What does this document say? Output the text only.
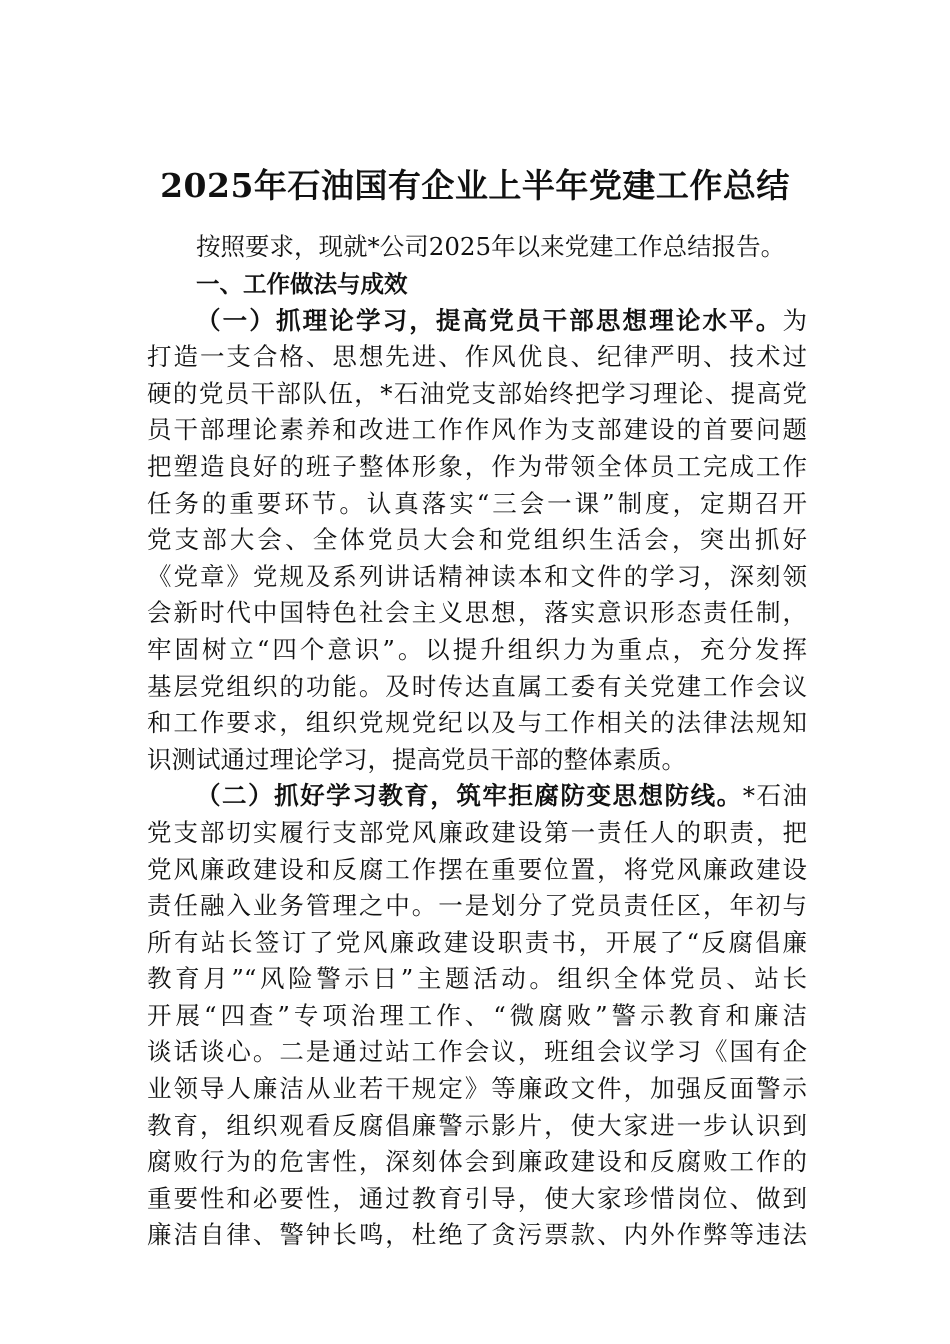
2025年石油国有企业上半年党建工作总结
按照要求，现就*公司2025年以来党建工作总结报告。
一、工作做法与成效
（一）抓理论学习，提高党员干部思想理论水平。为
打造一支合格、思想先进、作风优良、纪律严明、技术过
硬的党员干部队伍，*石油党支部始终把学习理论、提高党
员干部理论素养和改进工作作风作为支部建设的首要问题
把塑造良好的班子整体形象，作为带领全体员工完成工作
任务的重要环节。认真落实“三会一课”制度，定期召开
党支部大会、全体党员大会和党组织生活会，突出抓好
《党章》党规及系列讲话精神读本和文件的学习，深刻领
会新时代中国特色社会主义思想，落实意识形态责任制，
牢固树立“四个意识”。以提升组织力为重点，充分发挥
基层党组织的功能。及时传达直属工委有关党建工作会议
和工作要求，组织党规党纪以及与工作相关的法律法规知
识测试通过理论学习，提高党员干部的整体素质。
（二）抓好学习教育，筑牢拒腐防变思想防线。*石油
党支部切实履行支部党风廉政建设第一责任人的职责，把
党风廉政建设和反腐工作摆在重要位置，将党风廉政建设
责任融入业务管理之中。一是划分了党员责任区，年初与
所有站长签订了党风廉政建设职责书，开展了“反腐倡廉
教育月”“风险警示日”主题活动。组织全体党员、站长
开展“四查”专项治理工作、“微腐败”警示教育和廉洁
谈话谈心。二是通过站工作会议，班组会议学习《国有企
业领导人廉洁从业若干规定》等廉政文件，加强反面警示
教育，组织观看反腐倡廉警示影片，使大家进一步认识到
腐败行为的危害性，深刻体会到廉政建设和反腐败工作的
重要性和必要性，通过教育引导，使大家珍惜岗位、做到
廉洁自律、警钟长鸣，杜绝了贪污票款、内外作弊等违法
